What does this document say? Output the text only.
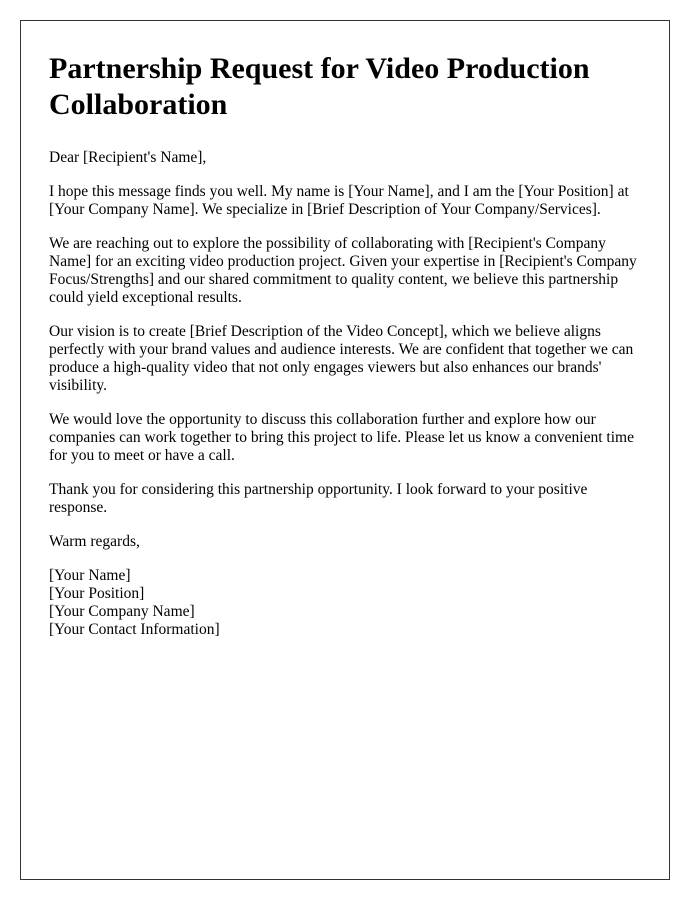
Partnership Request for Video Production Collaboration

Dear [Recipient's Name],

I hope this message finds you well. My name is [Your Name], and I am the [Your Position] at [Your Company Name]. We specialize in [Brief Description of Your Company/Services].

We are reaching out to explore the possibility of collaborating with [Recipient's Company Name] for an exciting video production project. Given your expertise in [Recipient's Company Focus/Strengths] and our shared commitment to quality content, we believe this partnership could yield exceptional results.

Our vision is to create [Brief Description of the Video Concept], which we believe aligns perfectly with your brand values and audience interests. We are confident that together we can produce a high-quality video that not only engages viewers but also enhances our brands' visibility.

We would love the opportunity to discuss this collaboration further and explore how our companies can work together to bring this project to life. Please let us know a convenient time for you to meet or have a call.

Thank you for considering this partnership opportunity. I look forward to your positive response.

Warm regards,

[Your Name]
[Your Position]
[Your Company Name]
[Your Contact Information]
